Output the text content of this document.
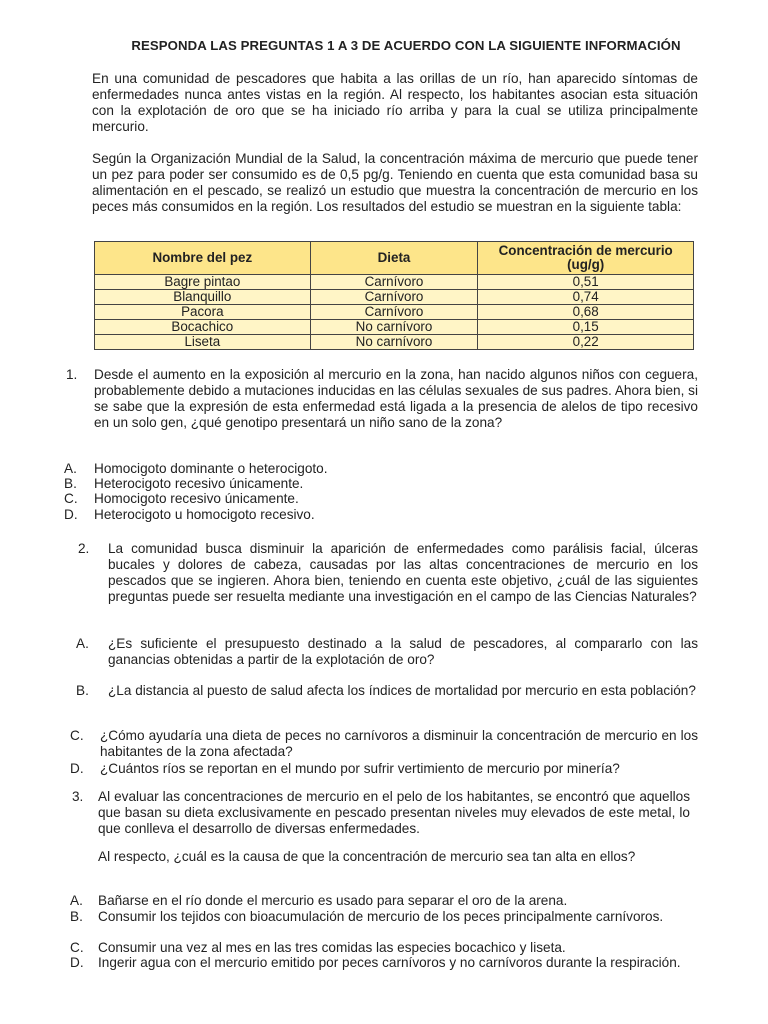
RESPONDA LAS PREGUNTAS 1 A 3 DE ACUERDO CON LA SIGUIENTE INFORMACIÓN
En una comunidad de pescadores que habita a las orillas de un río, han aparecido síntomas de enfermedades nunca antes vistas en la región. Al respecto, los habitantes asocian esta situación con la explotación de oro que se ha iniciado río arriba y para la cual se utiliza principalmente mercurio.
Según la Organización Mundial de la Salud, la concentración máxima de mercurio que puede tener un pez para poder ser consumido es de 0,5 pg/g. Teniendo en cuenta que esta comunidad basa su alimentación en el pescado, se realizó un estudio que muestra la concentración de mercurio en los peces más consumidos en la región. Los resultados del estudio se muestran en la siguiente tabla:
Nombre del pez	Dieta	Concentración de mercurio (ug/g)
Bagre pintao	Carnívoro	0,51
Blanquillo	Carnívoro	0,74
Pacora	Carnívoro	0,68
Bocachico	No carnívoro	0,15
Liseta	No carnívoro	0,22
1. Desde el aumento en la exposición al mercurio en la zona, han nacido algunos niños con ceguera, probablemente debido a mutaciones inducidas en las células sexuales de sus padres. Ahora bien, si se sabe que la expresión de esta enfermedad está ligada a la presencia de alelos de tipo recesivo en un solo gen, ¿qué genotipo presentará un niño sano de la zona?
A. Homocigoto dominante o heterocigoto.
B. Heterocigoto recesivo únicamente.
C. Homocigoto recesivo únicamente.
D. Heterocigoto u homocigoto recesivo.
2. La comunidad busca disminuir la aparición de enfermedades como parálisis facial, úlceras bucales y dolores de cabeza, causadas por las altas concentraciones de mercurio en los pescados que se ingieren. Ahora bien, teniendo en cuenta este objetivo, ¿cuál de las siguientes preguntas puede ser resuelta mediante una investigación en el campo de las Ciencias Naturales?
A. ¿Es suficiente el presupuesto destinado a la salud de pescadores, al compararlo con las ganancias obtenidas a partir de la explotación de oro?
B. ¿La distancia al puesto de salud afecta los índices de mortalidad por mercurio en esta población?
C. ¿Cómo ayudaría una dieta de peces no carnívoros a disminuir la concentración de mercurio en los habitantes de la zona afectada?
D. ¿Cuántos ríos se reportan en el mundo por sufrir vertimiento de mercurio por minería?
3. Al evaluar las concentraciones de mercurio en el pelo de los habitantes, se encontró que aquellos que basan su dieta exclusivamente en pescado presentan niveles muy elevados de este metal, lo que conlleva el desarrollo de diversas enfermedades.
Al respecto, ¿cuál es la causa de que la concentración de mercurio sea tan alta en ellos?
A. Bañarse en el río donde el mercurio es usado para separar el oro de la arena.
B. Consumir los tejidos con bioacumulación de mercurio de los peces principalmente carnívoros.
C. Consumir una vez al mes en las tres comidas las especies bocachico y liseta.
D. Ingerir agua con el mercurio emitido por peces carnívoros y no carnívoros durante la respiración.
